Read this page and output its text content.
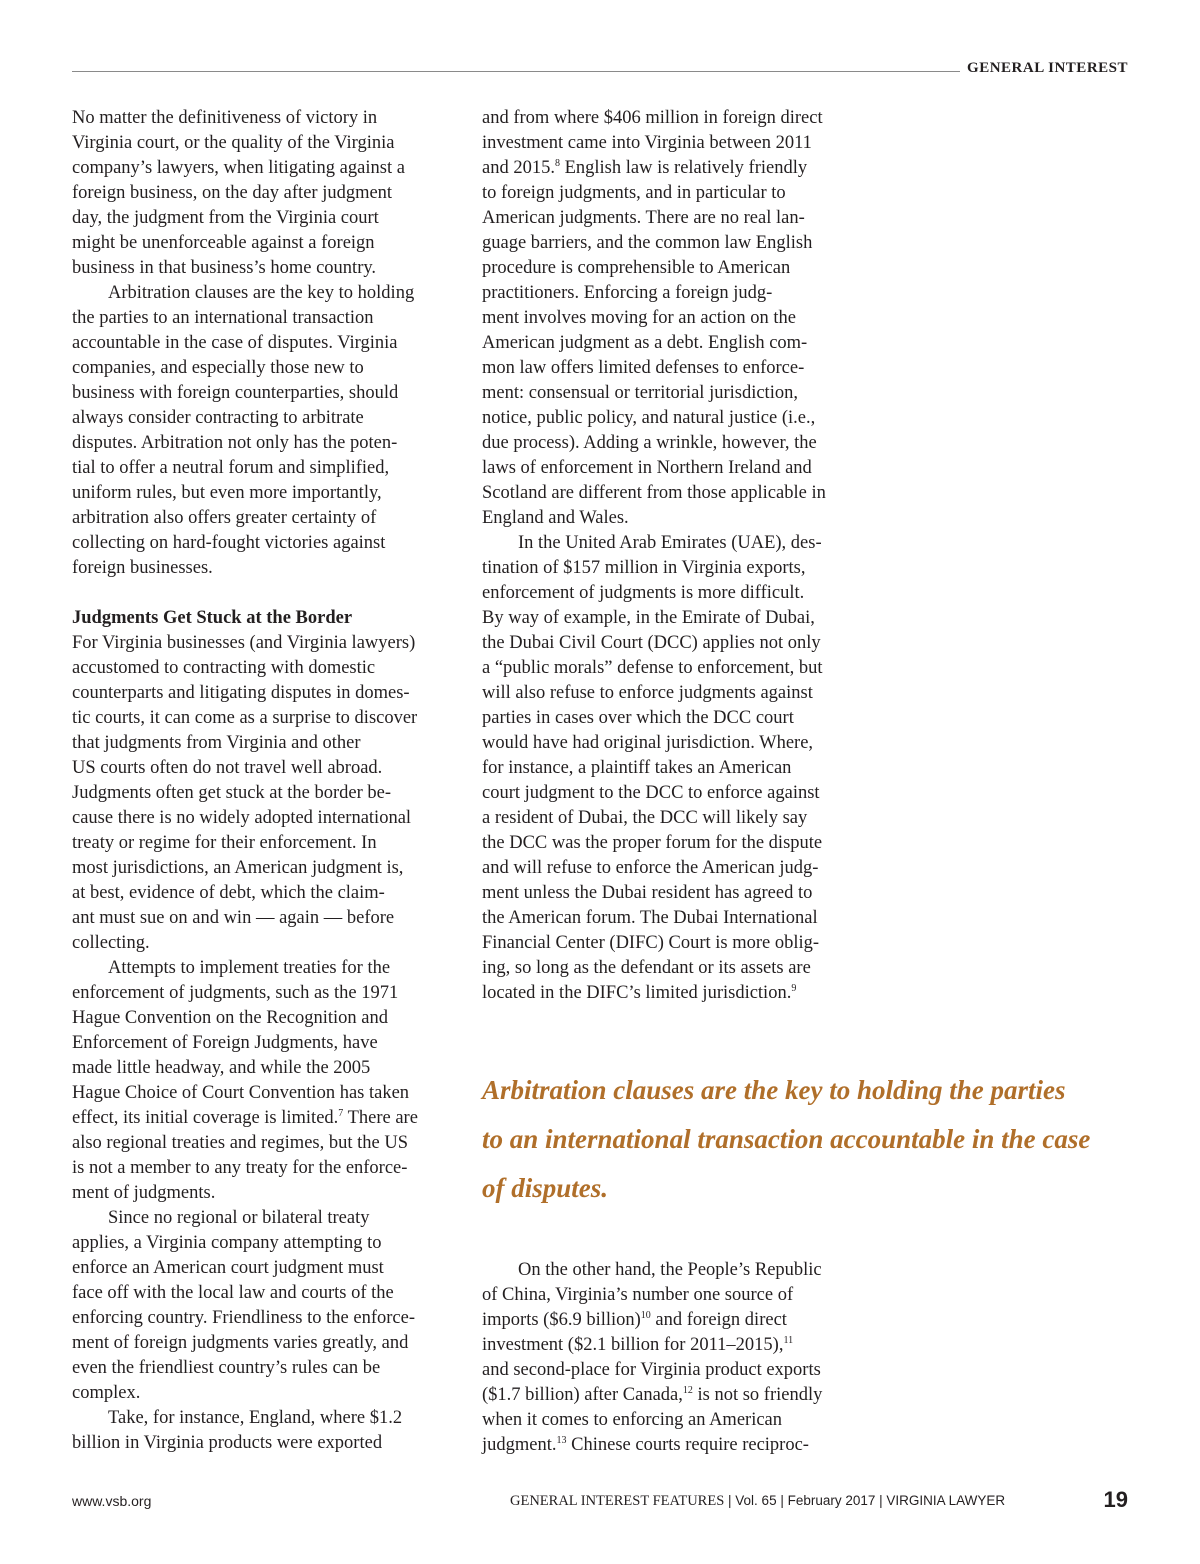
GENERAL INTEREST

No matter the definitiveness of victory in
Virginia court, or the quality of the Virginia
company’s lawyers, when litigating against a
foreign business, on the day after judgment
day, the judgment from the Virginia court
might be unenforceable against a foreign
business in that business’s home country.

Arbitration clauses are the key to holding
the parties to an international transaction
accountable in the case of disputes. Virginia
companies, and especially those new to
business with foreign counterparties, should
always consider contracting to arbitrate
disputes. Arbitration not only has the poten-
tial to offer a neutral forum and simplified,
uniform rules, but even more importantly,
arbitration also offers greater certainty of
collecting on hard-fought victories against
foreign businesses.

Judgments Get Stuck at the Border

For Virginia businesses (and Virginia lawyers)
accustomed to contracting with domestic
counterparts and litigating disputes in domes-
tic courts, it can come as a surprise to discover
that judgments from Virginia and other
US courts often do not travel well abroad.
Judgments often get stuck at the border be-
cause there is no widely adopted international
treaty or regime for their enforcement. In
most jurisdictions, an American judgment is,
at best, evidence of debt, which the claim-
ant must sue on and win — again — before
collecting.

Attempts to implement treaties for the
enforcement of judgments, such as the 1971
Hague Convention on the Recognition and
Enforcement of Foreign Judgments, have
made little headway, and while the 2005
Hague Choice of Court Convention has taken
effect, its initial coverage is limited.$^7$ There are
also regional treaties and regimes, but the US
is not a member to any treaty for the enforce-
ment of judgments.

Since no regional or bilateral treaty
applies, a Virginia company attempting to
enforce an American court judgment must
face off with the local law and courts of the
enforcing country. Friendliness to the enforce-
ment of foreign judgments varies greatly, and
even the friendliest country’s rules can be
complex.

Take, for instance, England, where $1.2
billion in Virginia products were exported

and from where $406 million in foreign direct
investment came into Virginia between 2011
and 2015.$^8$ English law is relatively friendly
to foreign judgments, and in particular to
American judgments. There are no real lan-
guage barriers, and the common law English
procedure is comprehensible to American
practitioners. Enforcing a foreign judg-
ment involves moving for an action on the
American judgment as a debt. English com-
mon law offers limited defenses to enforce-
ment: consensual or territorial jurisdiction,
notice, public policy, and natural justice (i.e.,
due process). Adding a wrinkle, however, the
laws of enforcement in Northern Ireland and
Scotland are different from those applicable in
England and Wales.

In the United Arab Emirates (UAE), des-
tination of $157 million in Virginia exports,
enforcement of judgments is more difficult.
By way of example, in the Emirate of Dubai,
the Dubai Civil Court (DCC) applies not only
a “public morals” defense to enforcement, but
will also refuse to enforce judgments against
parties in cases over which the DCC court
would have had original jurisdiction. Where,
for instance, a plaintiff takes an American
court judgment to the DCC to enforce against
a resident of Dubai, the DCC will likely say
the DCC was the proper forum for the dispute
and will refuse to enforce the American judg-
ment unless the Dubai resident has agreed to
the American forum. The Dubai International
Financial Center (DIFC) Court is more oblig-
ing, so long as the defendant or its assets are
located in the DIFC’s limited jurisdiction.$^9$

Arbitration clauses are the key to holding the parties
to an international transaction accountable in the case
of disputes.

On the other hand, the People’s Republic
of China, Virginia’s number one source of
imports ($6.9 billion)$^{10}$ and foreign direct
investment ($2.1 billion for 2011–2015),$^{11}$
and second-place for Virginia product exports
($1.7 billion) after Canada,$^{12}$ is not so friendly
when it comes to enforcing an American
judgment.$^{13}$ Chinese courts require reciproc-

www.vsb.org	GENERAL INTEREST FEATURES | Vol. 65 | February 2017 | VIRGINIA LAWYER	19
